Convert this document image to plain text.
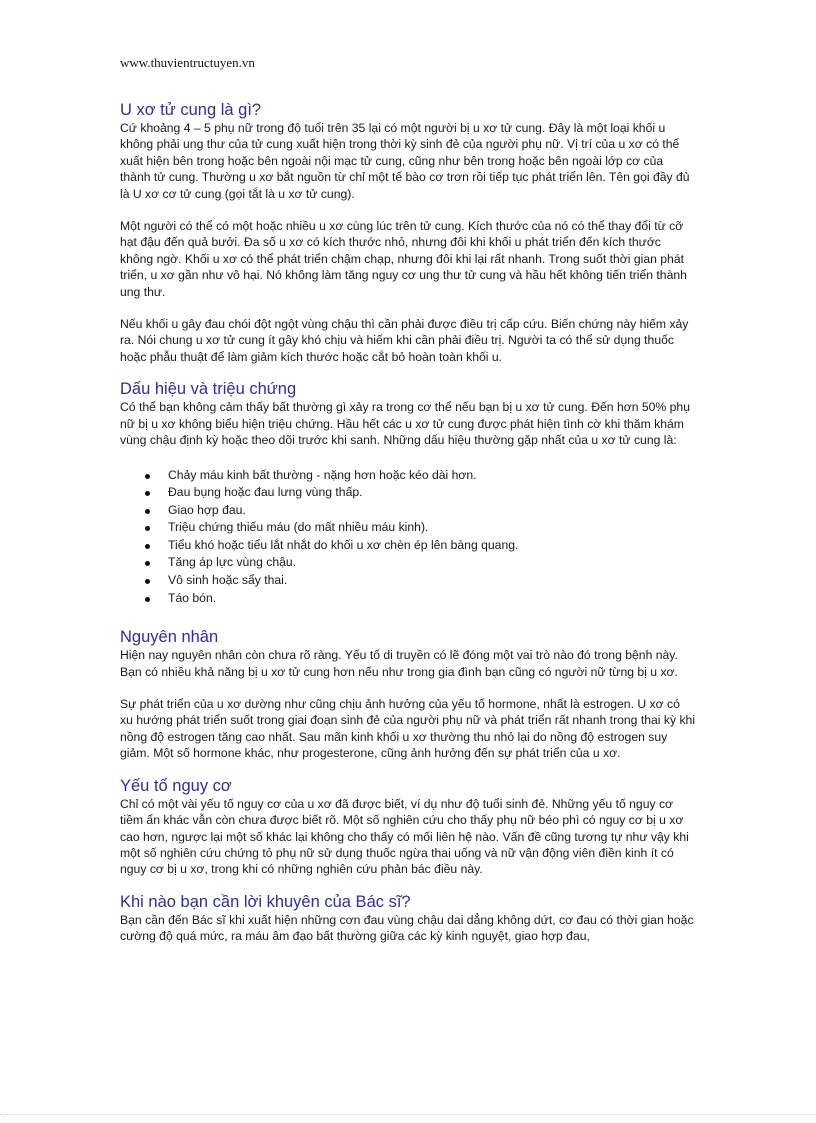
www.thuvientructuyen.vn
U xơ tử cung là gì?

Cứ khoảng 4 – 5 phụ nữ trong độ tuổi trên 35 lại có một người bị u xơ tử cung. Đây là một loại khối u không phải ung thư của tử cung xuất hiện trong thời kỳ sinh đẻ của người phụ nữ. Vị trí của u xơ có thể xuất hiện bên trong hoặc bên ngoài nội mạc tử cung, cũng như bên trong hoặc bên ngoài lớp cơ của thành tử cung. Thường u xơ bắt nguồn từ chỉ một tế bào cơ trơn rồi tiếp tục phát triển lên. Tên gọi đầy đủ là U xơ cơ tử cung (gọi tắt là u xơ tử cung).

Một người có thể có một hoặc nhiều u xơ cùng lúc trên tử cung. Kích thước của nó có thể thay đổi từ cỡ hạt đậu đến quả bưởi. Đa số u xơ có kích thước nhỏ, nhưng đôi khi khối u phát triển đến kích thước không ngờ. Khối u xơ có thể phát triển chậm chạp, nhưng đôi khi lại rất nhanh. Trong suốt thời gian phát triển, u xơ gần như vô hại. Nó không làm tăng nguy cơ ung thư tử cung và hầu hết không tiến triển thành ung thư.

Nếu khối u gây đau chói đột ngột vùng chậu thì cần phải được điều trị cấp cứu. Biến chứng này hiếm xảy ra. Nói chung u xơ tử cung ít gây khó chịu và hiếm khi cần phải điều trị. Người ta có thể sử dụng thuốc hoặc phẫu thuật để làm giảm kích thước hoặc cắt bỏ hoàn toàn khối u.

Dấu hiệu và triệu chứng

Có thể bạn không cảm thấy bất thường gì xảy ra trong cơ thể nếu bạn bị u xơ tử cung. Đến hơn 50% phụ nữ bị u xơ không biểu hiện triệu chứng. Hầu hết các u xơ tử cung được phát hiện tình cờ khi thăm khám vùng chậu định kỳ hoặc theo dõi trước khi sanh. Những dấu hiệu thường gặp nhất của u xơ tử cung là:

Chảy máu kinh bất thường - nặng hơn hoặc kéo dài hơn.
Đau bụng hoặc đau lưng vùng thấp.
Giao hợp đau.
Triệu chứng thiếu máu (do mất nhiều máu kinh).
Tiểu khó hoặc tiểu lắt nhắt do khối u xơ chèn ép lên bàng quang.
Tăng áp lực vùng chậu.
Vô sinh hoặc sẩy thai.
Táo bón.
Nguyên nhân

Hiện nay nguyên nhân còn chưa rõ ràng. Yếu tố di truyền có lẽ đóng một vai trò nào đó trong bệnh này. Bạn có nhiều khả năng bị u xơ tử cung hơn nếu như trong gia đình bạn cũng có người nữ từng bị u xơ.

Sự phát triển của u xơ dường như cũng chịu ảnh hưởng của yếu tố hormone, nhất là estrogen. U xơ có xu hướng phát triển suốt trong giai đoạn sinh đẻ của người phụ nữ và phát triển rất nhanh trong thai kỳ khi nồng độ estrogen tăng cao nhất. Sau mãn kinh khối u xơ thường thu nhỏ lại do nồng độ estrogen suy giảm. Một số hormone khác, như progesterone, cũng ảnh hưởng đến sự phát triển của u xơ.

Yếu tố nguy cơ

Chỉ có một vài yếu tố nguy cơ của u xơ đã được biết, ví dụ như độ tuổi sinh đẻ. Những yếu tố nguy cơ tiềm ẩn khác vẫn còn chưa được biết rõ. Một số nghiên cứu cho thấy phụ nữ béo phì có nguy cơ bị u xơ cao hơn, ngược lại một số khác lại không cho thấy có mối liên hệ nào. Vấn đề cũng tương tự như vậy khi một số nghiên cứu chứng tỏ phụ nữ sử dụng thuốc ngừa thai uống và nữ vận động viên điền kinh ít có nguy cơ bị u xơ, trong khi có những nghiên cứu phản bác điều này.

Khi nào bạn cần lời khuyên của Bác sĩ?

Bạn cần đến Bác sĩ khi xuất hiện những cơn đau vùng chậu dai dẳng không dứt, cơ đau có thời gian hoặc cường độ quá mức, ra máu âm đạo bất thường giữa các kỳ kinh nguyệt, giao hợp đau,
